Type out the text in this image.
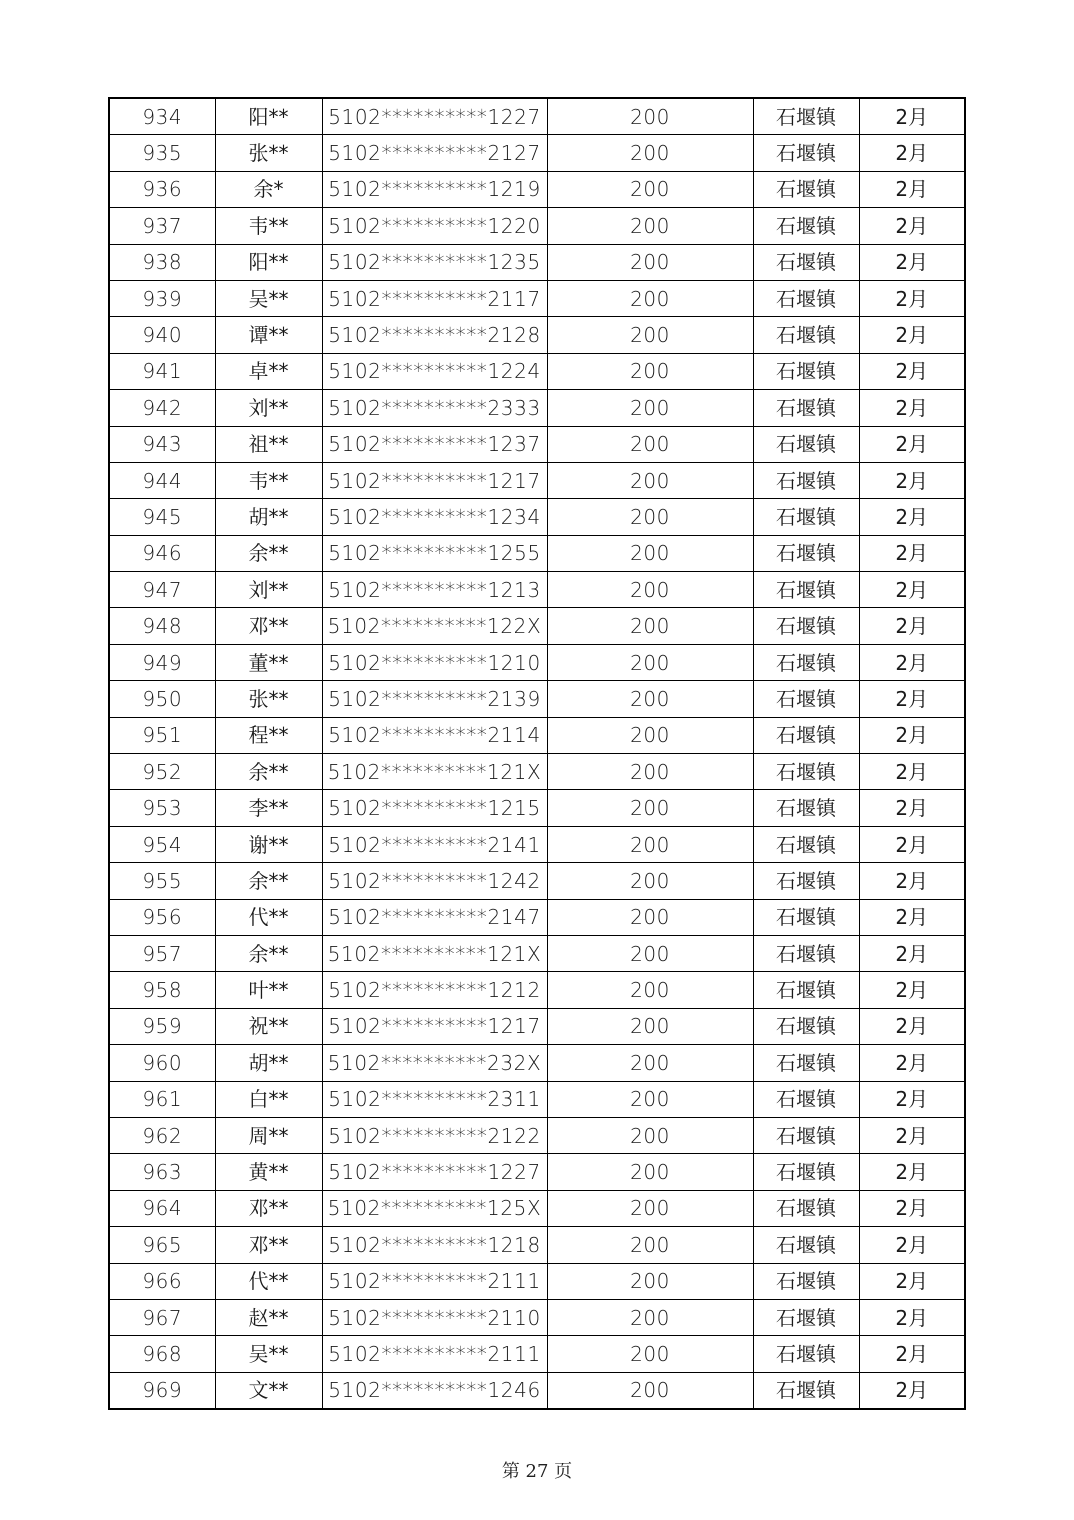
934	阳**	5102**********1227	200	石堰镇	2月
935	张**	5102**********2127	200	石堰镇	2月
936	余*	5102**********1219	200	石堰镇	2月
937	韦**	5102**********1220	200	石堰镇	2月
938	阳**	5102**********1235	200	石堰镇	2月
939	吴**	5102**********2117	200	石堰镇	2月
940	谭**	5102**********2128	200	石堰镇	2月
941	卓**	5102**********1224	200	石堰镇	2月
942	刘**	5102**********2333	200	石堰镇	2月
943	祖**	5102**********1237	200	石堰镇	2月
944	韦**	5102**********1217	200	石堰镇	2月
945	胡**	5102**********1234	200	石堰镇	2月
946	余**	5102**********1255	200	石堰镇	2月
947	刘**	5102**********1213	200	石堰镇	2月
948	邓**	5102**********122X	200	石堰镇	2月
949	董**	5102**********1210	200	石堰镇	2月
950	张**	5102**********2139	200	石堰镇	2月
951	程**	5102**********2114	200	石堰镇	2月
952	余**	5102**********121X	200	石堰镇	2月
953	李**	5102**********1215	200	石堰镇	2月
954	谢**	5102**********2141	200	石堰镇	2月
955	余**	5102**********1242	200	石堰镇	2月
956	代**	5102**********2147	200	石堰镇	2月
957	余**	5102**********121X	200	石堰镇	2月
958	叶**	5102**********1212	200	石堰镇	2月
959	祝**	5102**********1217	200	石堰镇	2月
960	胡**	5102**********232X	200	石堰镇	2月
961	白**	5102**********2311	200	石堰镇	2月
962	周**	5102**********2122	200	石堰镇	2月
963	黄**	5102**********1227	200	石堰镇	2月
964	邓**	5102**********125X	200	石堰镇	2月
965	邓**	5102**********1218	200	石堰镇	2月
966	代**	5102**********2111	200	石堰镇	2月
967	赵**	5102**********2110	200	石堰镇	2月
968	吴**	5102**********2111	200	石堰镇	2月
969	文**	5102**********1246	200	石堰镇	2月
第 27 页
